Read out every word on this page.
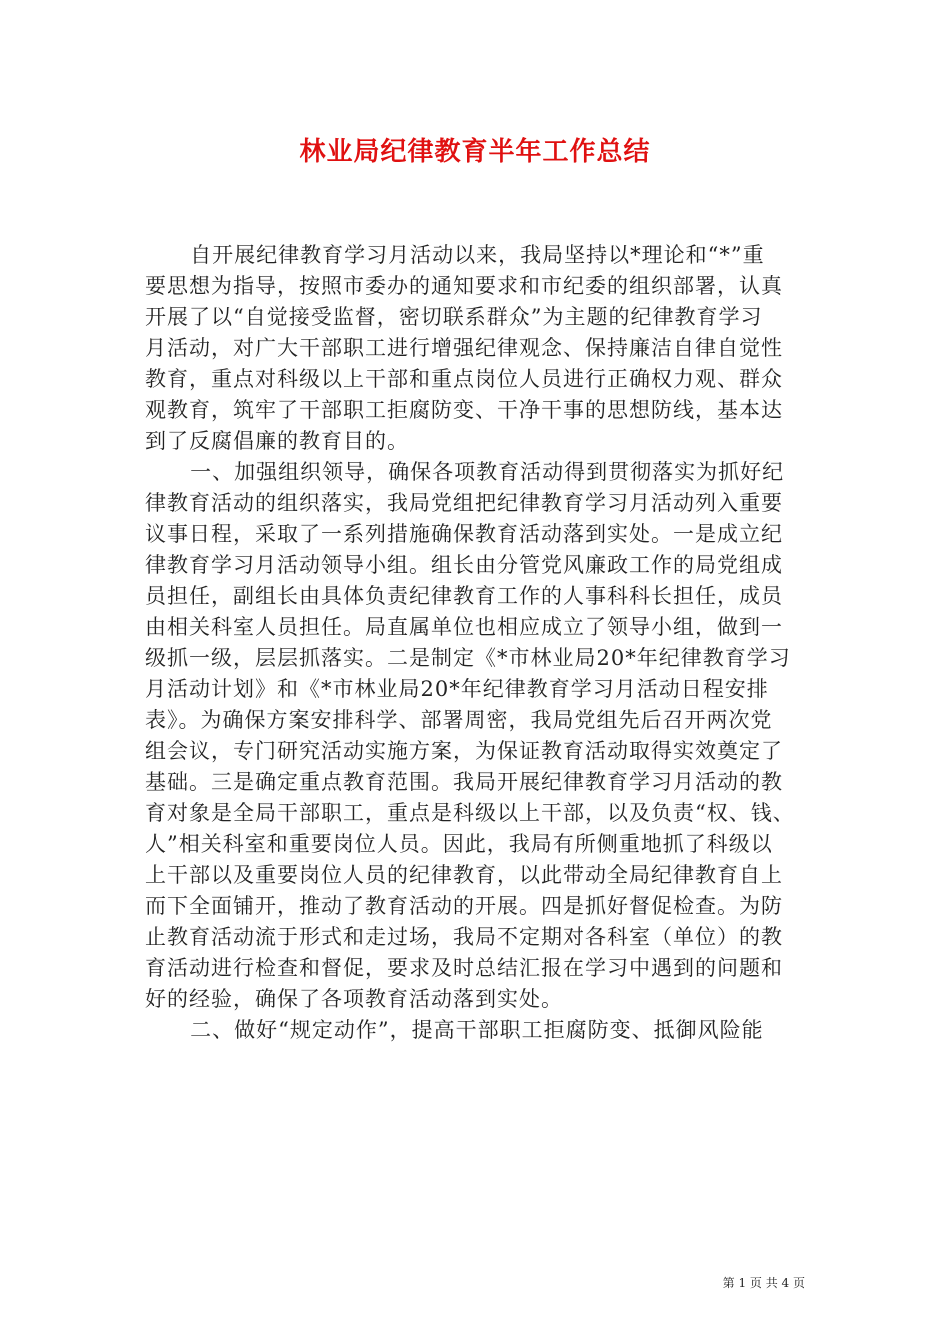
林业局纪律教育半年工作总结

自开展纪律教育学习月活动以来，我局坚持以*理论和“*”重
要思想为指导，按照市委办的通知要求和市纪委的组织部署，认真
开展了以“自觉接受监督，密切联系群众”为主题的纪律教育学习
月活动，对广大干部职工进行增强纪律观念、保持廉洁自律自觉性
教育，重点对科级以上干部和重点岗位人员进行正确权力观、群众
观教育，筑牢了干部职工拒腐防变、干净干事的思想防线，基本达
到了反腐倡廉的教育目的。

一、加强组织领导，确保各项教育活动得到贯彻落实为抓好纪
律教育活动的组织落实，我局党组把纪律教育学习月活动列入重要
议事日程，采取了一系列措施确保教育活动落到实处。一是成立纪
律教育学习月活动领导小组。组长由分管党风廉政工作的局党组成
员担任，副组长由具体负责纪律教育工作的人事科科长担任，成员
由相关科室人员担任。局直属单位也相应成立了领导小组，做到一
级抓一级，层层抓落实。二是制定《*市林业局20*年纪律教育学习
月活动计划》和《*市林业局20*年纪律教育学习月活动日程安排
表》。为确保方案安排科学、部署周密，我局党组先后召开两次党
组会议，专门研究活动实施方案，为保证教育活动取得实效奠定了
基础。三是确定重点教育范围。我局开展纪律教育学习月活动的教
育对象是全局干部职工，重点是科级以上干部，以及负责“权、钱、
人”相关科室和重要岗位人员。因此，我局有所侧重地抓了科级以
上干部以及重要岗位人员的纪律教育，以此带动全局纪律教育自上
而下全面铺开，推动了教育活动的开展。四是抓好督促检查。为防
止教育活动流于形式和走过场，我局不定期对各科室（单位）的教
育活动进行检查和督促，要求及时总结汇报在学习中遇到的问题和
好的经验，确保了各项教育活动落到实处。

二、做好“规定动作”，提高干部职工拒腐防变、抵御风险能

第 1 页 共 4 页
